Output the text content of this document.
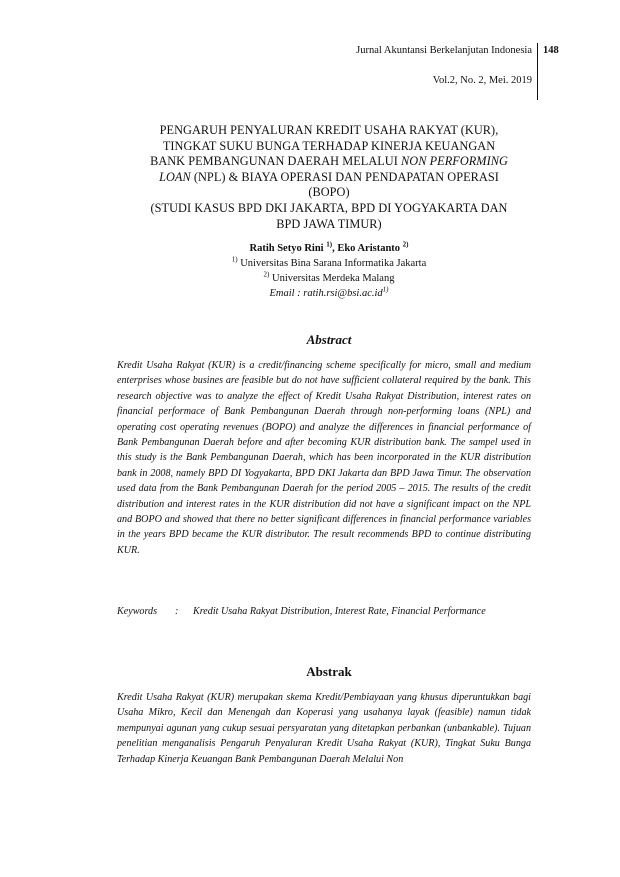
Jurnal Akuntansi Berkelanjutan Indonesia
Vol.2, No. 2, Mei. 2019
148
PENGARUH PENYALURAN KREDIT USAHA RAKYAT (KUR),
TINGKAT SUKU BUNGA TERHADAP KINERJA KEUANGAN
BANK PEMBANGUNAN DAERAH MELALUI NON PERFORMING
LOAN (NPL) & BIAYA OPERASI DAN PENDAPATAN OPERASI
(BOPO)
(STUDI KASUS BPD DKI JAKARTA, BPD DI YOGYAKARTA DAN
BPD JAWA TIMUR)
Ratih Setyo Rini $^{1)}$, Eko Aristanto $^{2)}$
$^{1)}$ Universitas Bina Sarana Informatika Jakarta
$^{2)}$ Universitas Merdeka Malang
Email : $ratih.rsi@bsi.ac.id^{1)}$
Abstract
Kredit Usaha Rakyat (KUR) is a credit/financing scheme specifically for micro, small and medium enterprises whose busines are feasible but do not have sufficient collateral required by the bank. This research objective was to analyze the effect of Kredit Usaha Rakyat Distribution, interest rates on financial performace of Bank Pembangunan Daerah through non-performing loans (NPL) and operating cost operating revenues (BOPO) and analyze the differences in financial performance of Bank Pembangunan Daerah before and after becoming KUR distribution bank. The sampel used in this study is the Bank Pembangunan Daerah, which has been incorporated in the KUR distribution bank in 2008, namely BPD DI Yogyakarta, BPD DKI Jakarta dan BPD Jawa Timur. The observation used data from the Bank Pembangunan Daerah for the period 2005 – 2015. The results of the credit distribution and interest rates in the KUR distribution did not have a significant impact on the NPL and BOPO and showed that there no better significant differences in financial performance variables in the years BPD became the KUR distributor. The result recommends BPD to continue distributing KUR.
Keywords	:	Kredit Usaha Rakyat Distribution, Interest Rate, Financial Performance
Abstrak
Kredit Usaha Rakyat (KUR) merupakan skema Kredit/Pembiayaan yang khusus diperuntukkan bagi Usaha Mikro, Kecil dan Menengah dan Koperasi yang usahanya layak (feasible) namun tidak mempunyai agunan yang cukup sesuai persyaratan yang ditetapkan perbankan (unbankable). Tujuan penelitian menganalisis Pengaruh Penyaluran Kredit Usaha Rakyat (KUR), Tingkat Suku Bunga Terhadap Kinerja Keuangan Bank Pembangunan Daerah Melalui Non
